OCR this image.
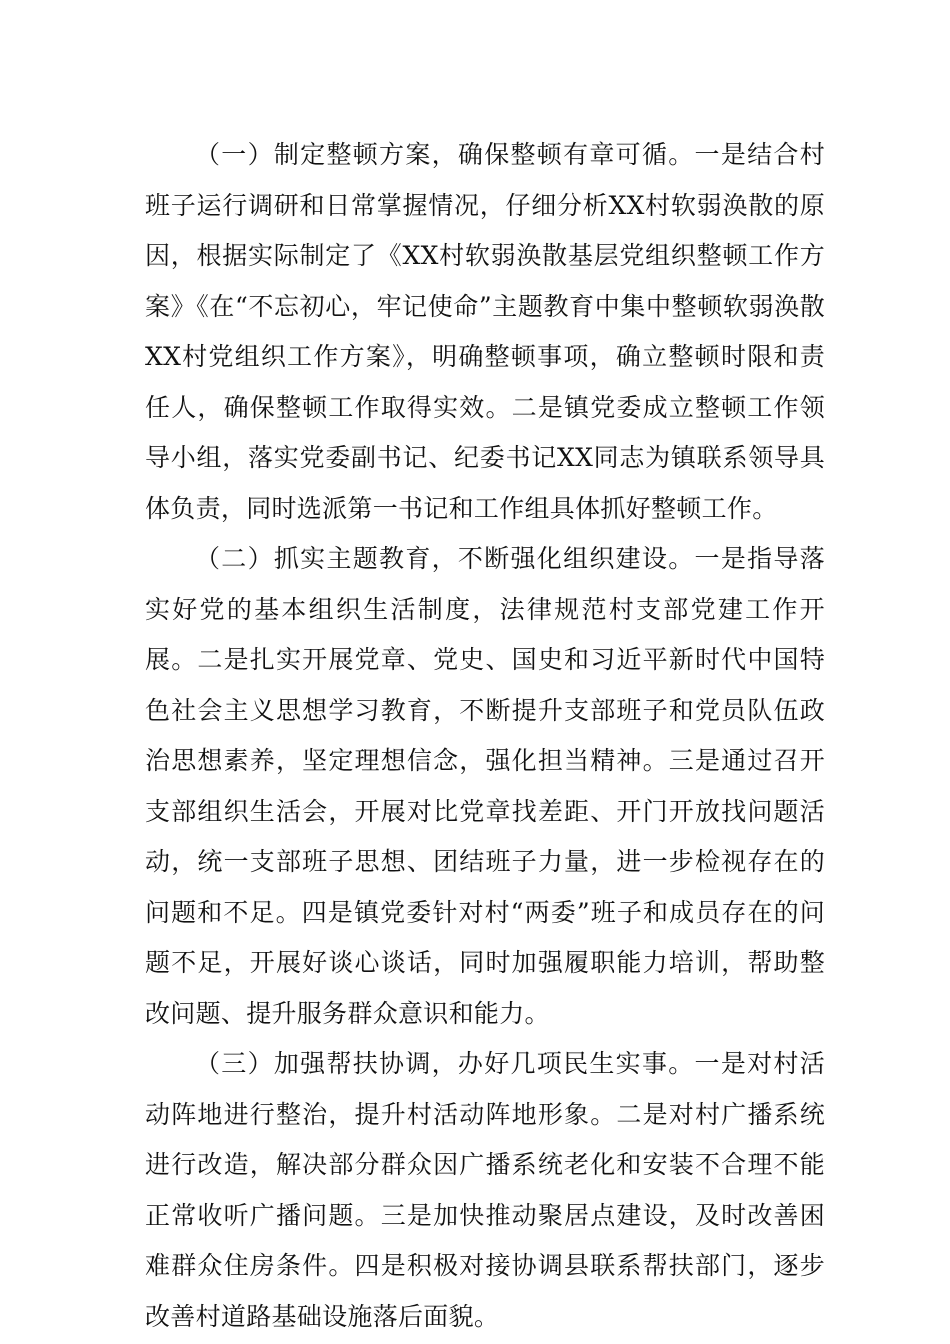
（一）制定整顿方案，确保整顿有章可循。一是结合村班子运行调研和日常掌握情况，仔细分析XX村软弱涣散的原因，根据实际制定了《XX村软弱涣散基层党组织整顿工作方案》《在“不忘初心，牢记使命”主题教育中集中整顿软弱涣散XX村党组织工作方案》，明确整顿事项，确立整顿时限和责任人，确保整顿工作取得实效。二是镇党委成立整顿工作领导小组，落实党委副书记、纪委书记XX同志为镇联系领导具体负责，同时选派第一书记和工作组具体抓好整顿工作。

（二）抓实主题教育，不断强化组织建设。一是指导落实好党的基本组织生活制度，法律规范村支部党建工作开展。二是扎实开展党章、党史、国史和习近平新时代中国特色社会主义思想学习教育，不断提升支部班子和党员队伍政治思想素养，坚定理想信念，强化担当精神。三是通过召开支部组织生活会，开展对比党章找差距、开门开放找问题活动，统一支部班子思想、团结班子力量，进一步检视存在的问题和不足。四是镇党委针对村“两委”班子和成员存在的问题不足，开展好谈心谈话，同时加强履职能力培训，帮助整改问题、提升服务群众意识和能力。

（三）加强帮扶协调，办好几项民生实事。一是对村活动阵地进行整治，提升村活动阵地形象。二是对村广播系统进行改造，解决部分群众因广播系统老化和安装不合理不能正常收听广播问题。三是加快推动聚居点建设，及时改善困难群众住房条件。四是积极对接协调县联系帮扶部门，逐步改善村道路基础设施落后面貌。
